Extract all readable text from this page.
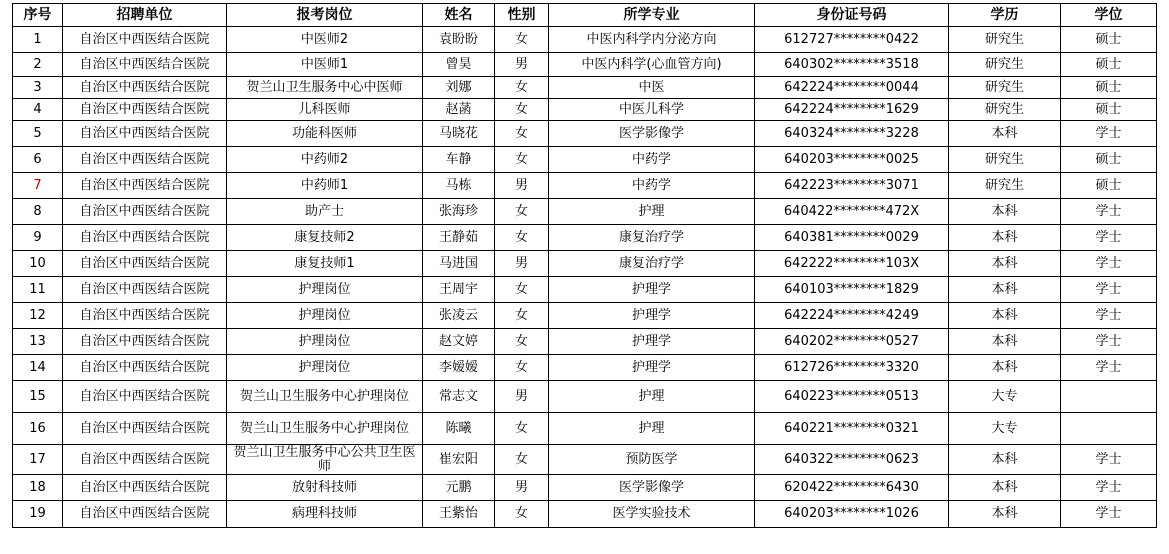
序号	招聘单位	报考岗位	姓名	性别	所学专业	身份证号码	学历	学位
1	自治区中西医结合医院	中医师2	袁盼盼	女	中医内科学内分泌方向	612727********0422	研究生	硕士
2	自治区中西医结合医院	中医师1	曾昊	男	中医内科学(心血管方向)	640302********3518	研究生	硕士
3	自治区中西医结合医院	贺兰山卫生服务中心中医师	刘娜	女	中医	642224********0044	研究生	硕士
4	自治区中西医结合医院	儿科医师	赵菡	女	中医儿科学	642224********1629	研究生	硕士
5	自治区中西医结合医院	功能科医师	马晓花	女	医学影像学	640324********3228	本科	学士
6	自治区中西医结合医院	中药师2	车静	女	中药学	640203********0025	研究生	硕士
7	自治区中西医结合医院	中药师1	马栋	男	中药学	642223********3071	研究生	硕士
8	自治区中西医结合医院	助产士	张海珍	女	护理	640422********472X	本科	学士
9	自治区中西医结合医院	康复技师2	王静茹	女	康复治疗学	640381********0029	本科	学士
10	自治区中西医结合医院	康复技师1	马进国	男	康复治疗学	642222********103X	本科	学士
11	自治区中西医结合医院	护理岗位	王周宇	女	护理学	640103********1829	本科	学士
12	自治区中西医结合医院	护理岗位	张凌云	女	护理学	642224********4249	本科	学士
13	自治区中西医结合医院	护理岗位	赵文婷	女	护理学	640202********0527	本科	学士
14	自治区中西医结合医院	护理岗位	李嫒嫒	女	护理学	612726********3320	本科	学士
15	自治区中西医结合医院	贺兰山卫生服务中心护理岗位	常志文	男	护理	640223********0513	大专	
16	自治区中西医结合医院	贺兰山卫生服务中心护理岗位	陈曦	女	护理	640221********0321	大专	
17	自治区中西医结合医院	贺兰山卫生服务中心公共卫生医师	崔宏阳	女	预防医学	640322********0623	本科	学士
18	自治区中西医结合医院	放射科技师	元鹏	男	医学影像学	620422********6430	本科	学士
19	自治区中西医结合医院	病理科技师	王紫怡	女	医学实验技术	640203********1026	本科	学士
